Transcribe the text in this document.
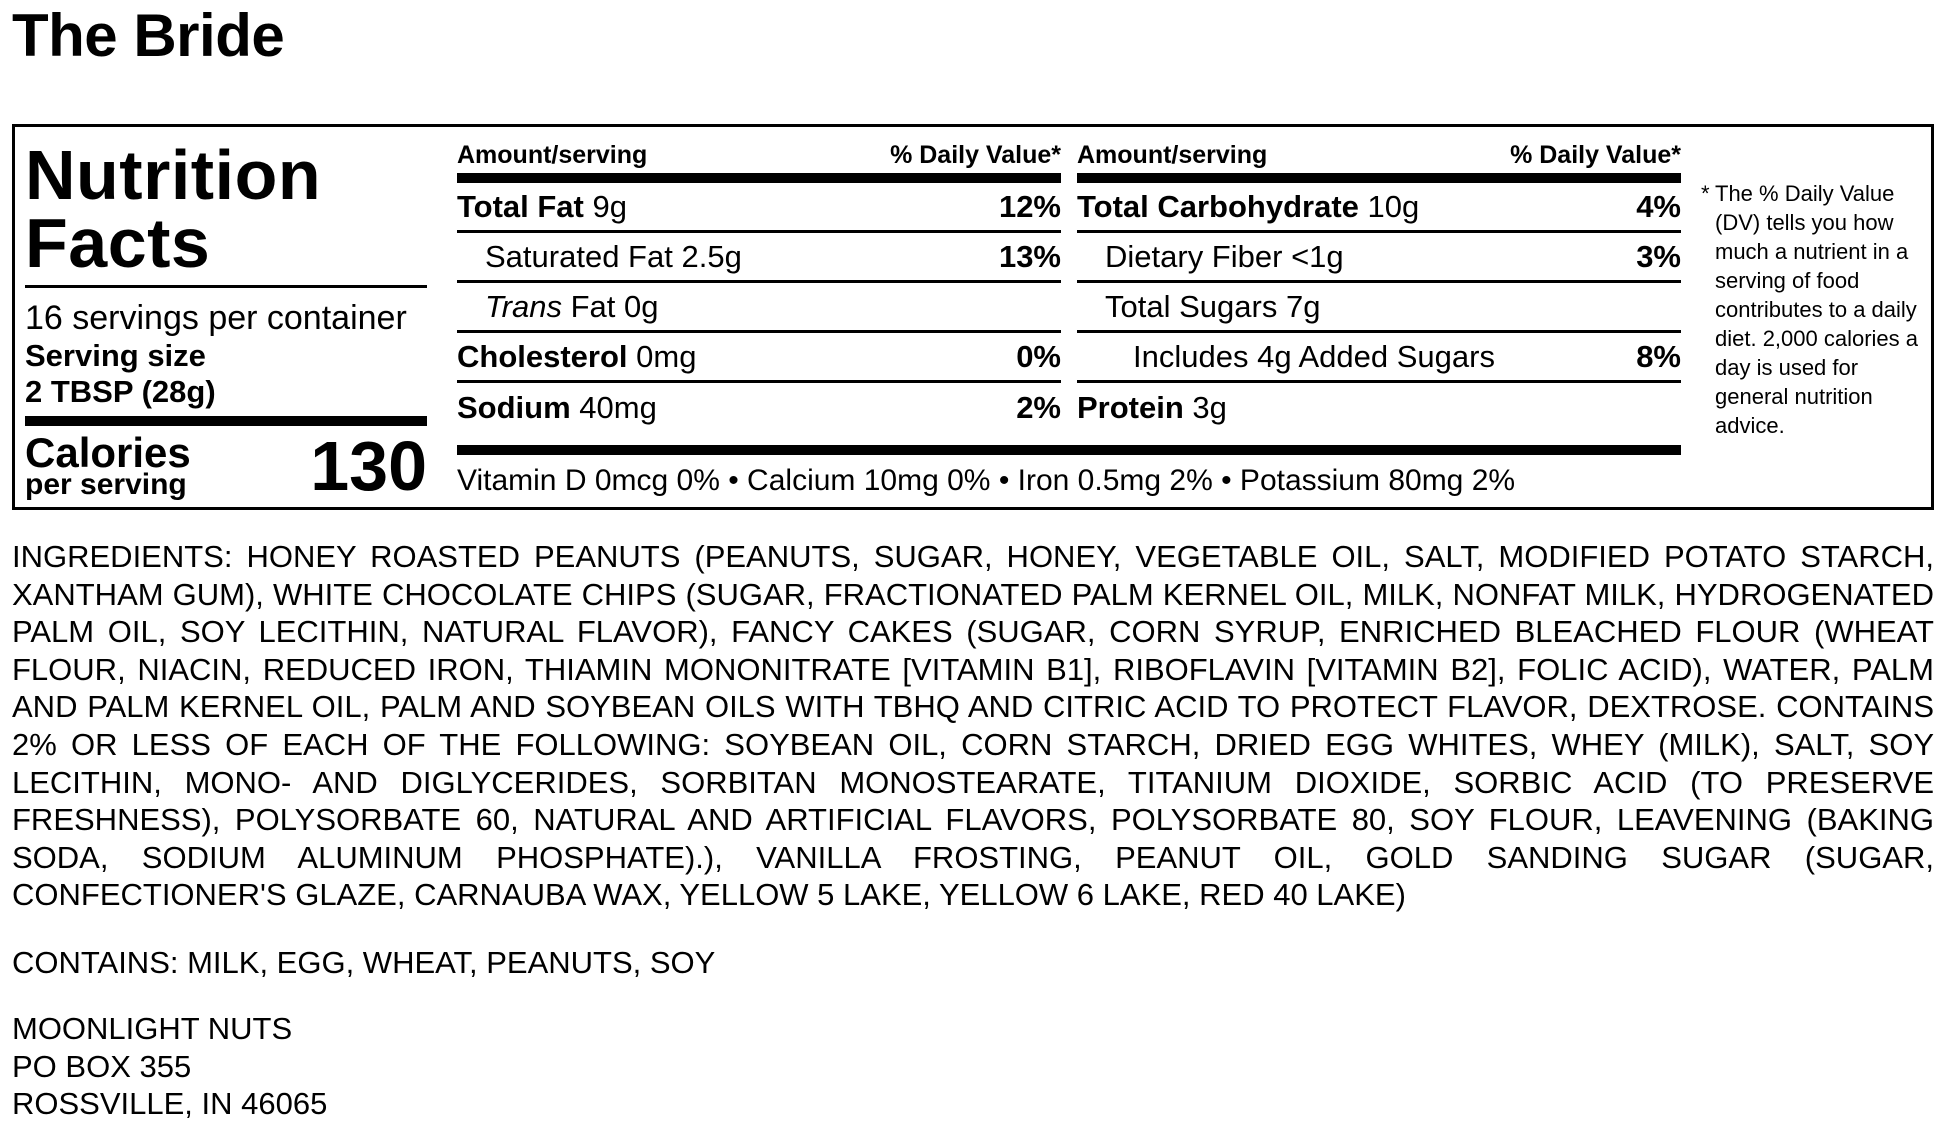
The Bride
Nutrition
Facts
16 servings per container
Serving size
2 TBSP (28g)
Calories
per serving 130
Amount/serving	% Daily Value*
Total Fat 9g	12%
Saturated Fat 2.5g	13%
Trans Fat 0g
Cholesterol 0mg	0%
Sodium 40mg	2%
Amount/serving	% Daily Value*
Total Carbohydrate 10g	4%
Dietary Fiber <1g	3%
Total Sugars 7g
Includes 4g Added Sugars	8%
Protein 3g
Vitamin D 0mcg 0% • Calcium 10mg 0% • Iron 0.5mg 2% • Potassium 80mg 2%
* The % Daily Value (DV) tells you how much a nutrient in a serving of food contributes to a daily diet. 2,000 calories a day is used for general nutrition advice.
INGREDIENTS: HONEY ROASTED PEANUTS (PEANUTS, SUGAR, HONEY, VEGETABLE OIL, SALT, MODIFIED POTATO STARCH, XANTHAM GUM), WHITE CHOCOLATE CHIPS (SUGAR, FRACTIONATED PALM KERNEL OIL, MILK, NONFAT MILK, HYDROGENATED PALM OIL, SOY LECITHIN, NATURAL FLAVOR), FANCY CAKES (SUGAR, CORN SYRUP, ENRICHED BLEACHED FLOUR (WHEAT FLOUR, NIACIN, REDUCED IRON, THIAMIN MONONITRATE [VITAMIN B1], RIBOFLAVIN [VITAMIN B2], FOLIC ACID), WATER, PALM AND PALM KERNEL OIL, PALM AND SOYBEAN OILS WITH TBHQ AND CITRIC ACID TO PROTECT FLAVOR, DEXTROSE. CONTAINS 2% OR LESS OF EACH OF THE FOLLOWING: SOYBEAN OIL, CORN STARCH, DRIED EGG WHITES, WHEY (MILK), SALT, SOY LECITHIN, MONO- AND DIGLYCERIDES, SORBITAN MONOSTEARATE, TITANIUM DIOXIDE, SORBIC ACID (TO PRESERVE FRESHNESS), POLYSORBATE 60, NATURAL AND ARTIFICIAL FLAVORS, POLYSORBATE 80, SOY FLOUR, LEAVENING (BAKING SODA, SODIUM ALUMINUM PHOSPHATE).), VANILLA FROSTING, PEANUT OIL, GOLD SANDING SUGAR (SUGAR, CONFECTIONER'S GLAZE, CARNAUBA WAX, YELLOW 5 LAKE, YELLOW 6 LAKE, RED 40 LAKE)
CONTAINS: MILK, EGG, WHEAT, PEANUTS, SOY
MOONLIGHT NUTS
PO BOX 355
ROSSVILLE, IN 46065
